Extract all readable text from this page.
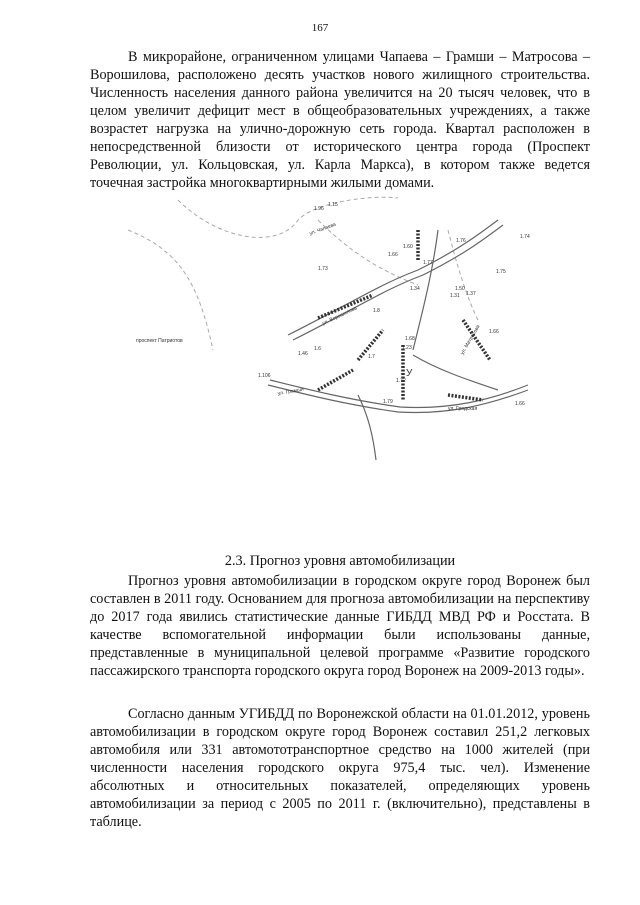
167

В микрорайоне, ограниченном улицами Чапаева – Грамши – Матросова – Ворошилова, расположено десять участков нового жилищного строительства. Численность населения данного района увеличится на 20 тысяч человек, что в целом увеличит дефицит мест в общеобразовательных учреждениях, а также возрастет нагрузка на улично-дорожную сеть города. Квартал расположен в непосредственной близости от исторического центра города (Проспект Революции, ул. Кольцовская, ул. Карла Маркса), в котором также ведется точечная застройка многоквартирными жилыми домами.

проспект Патриотов
ул. Грамши
ул. Ворошилова
ул. Матросова
ул. Чапаева
ул. Гродская
1.96
1.15
1.66
1.60
1.76
1.74
1.73
1.77
1.75
1.34	1.50
1.31 1.37
1.8
1.66
1.68
1.23
1.46
1.6
1.7
1.72
1.106
1.79	1.66
У
2.3. Прогноз уровня автомобилизации

Прогноз уровня автомобилизации в городском округе город Воронеж был составлен в 2011 году. Основанием для прогноза автомобилизации на перспективу до 2017 года явились статистические данные ГИБДД МВД РФ и Росстата. В качестве вспомогательной информации были использованы данные, представленные в муниципальной целевой программе «Развитие городского пассажирского транспорта городского округа город Воронеж на 2009-2013 годы».

Согласно данным УГИБДД по Воронежской области на 01.01.2012, уровень автомобилизации в городском округе город Воронеж составил 251,2 легковых автомобиля или 331 автомототранспортное средство на 1000 жителей (при численности населения городского округа 975,4 тыс. чел). Изменение абсолютных и относительных показателей, определяющих уровень автомобилизации за период с 2005 по 2011 г. (включительно), представлены в таблице.
